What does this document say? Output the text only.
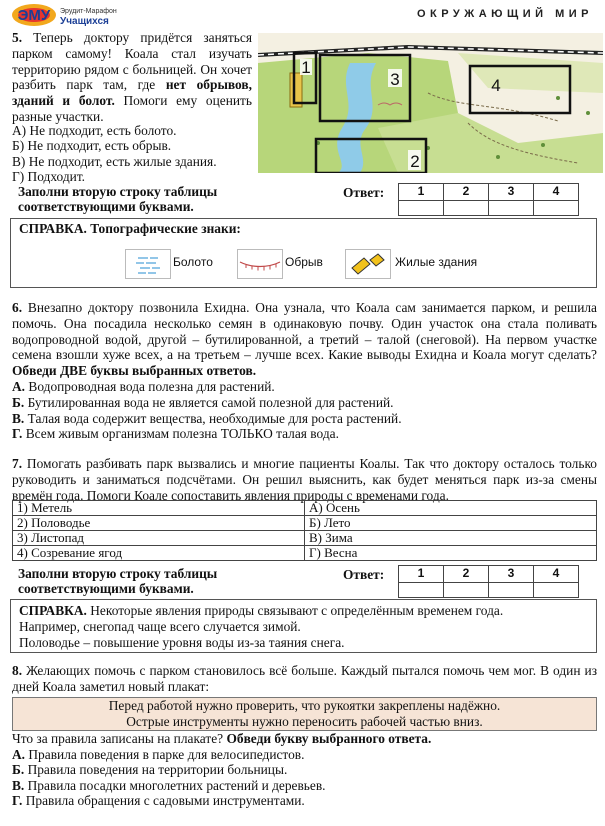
ЭМУ Эрудит-Марафон
Учащихся
ОКРУЖАЮЩИЙ МИР

5. Теперь доктору придётся заняться парком самому! Коала стал изучать территорию рядом с больницей. Он хочет разбить парк там, где нет обрывов, зданий и болот. Помоги ему оценить разные участки.

А) Не подходит, есть болото.
Б) Не подходит, есть обрыв.
В) Не подходит, есть жилые здания.
Г) Подходит.
1
2
3	4
Заполни вторую строку таблицы соответствующими буквами.
Ответ:	1	2	3	4

СПРАВКА. Топографические знаки:
Болото	Обрыв	Жилые здания

6. Внезапно доктору позвонила Ехидна. Она узнала, что Коала сам занимается парком, и решила помочь. Она посадила несколько семян в одинаковую почву. Один участок она стала поливать водопроводной водой, другой – бутилированной, а третий – талой (снеговой). На первом участке семена взошли хуже всех, а на третьем – лучше всех. Какие выводы Ехидна и Коала могут сделать? Обведи ДВЕ буквы выбранных ответов.

А. Водопроводная вода полезна для растений.
Б. Бутилированная вода не является самой полезной для растений.
В. Талая вода содержит вещества, необходимые для роста растений.
Г. Всем живым организмам полезна ТОЛЬКО талая вода.

7. Помогать разбивать парк вызвались и многие пациенты Коалы. Так что доктору осталось только руководить и заниматься подсчётами. Он решил выяснить, как будет меняться парк из-за смены времён года. Помоги Коале сопоставить явления природы с временами года.

1) Метель	А) Осень
2) Половодье	Б) Лето
3) Листопад	В) Зима
4) Созревание ягод	Г) Весна
Заполни вторую строку таблицы соответствующими буквами.
Ответ:	1	2	3	4

СПРАВКА. Некоторые явления природы связывают с определённым временем года.
Например, снегопад чаще всего случается зимой.
Половодье – повышение уровня воды из-за таяния снега.

8. Желающих помочь с парком становилось всё больше. Каждый пытался помочь чем мог. В один из дней Коала заметил новый плакат:

Перед работой нужно проверить, что рукоятки закреплены надёжно.
Острые инструменты нужно переносить рабочей частью вниз.
Что за правила записаны на плакате? Обведи букву выбранного ответа.
А. Правила поведения в парке для велосипедистов.
Б. Правила поведения на территории больницы.
В. Правила посадки многолетних растений и деревьев.
Г. Правила обращения с садовыми инструментами.
